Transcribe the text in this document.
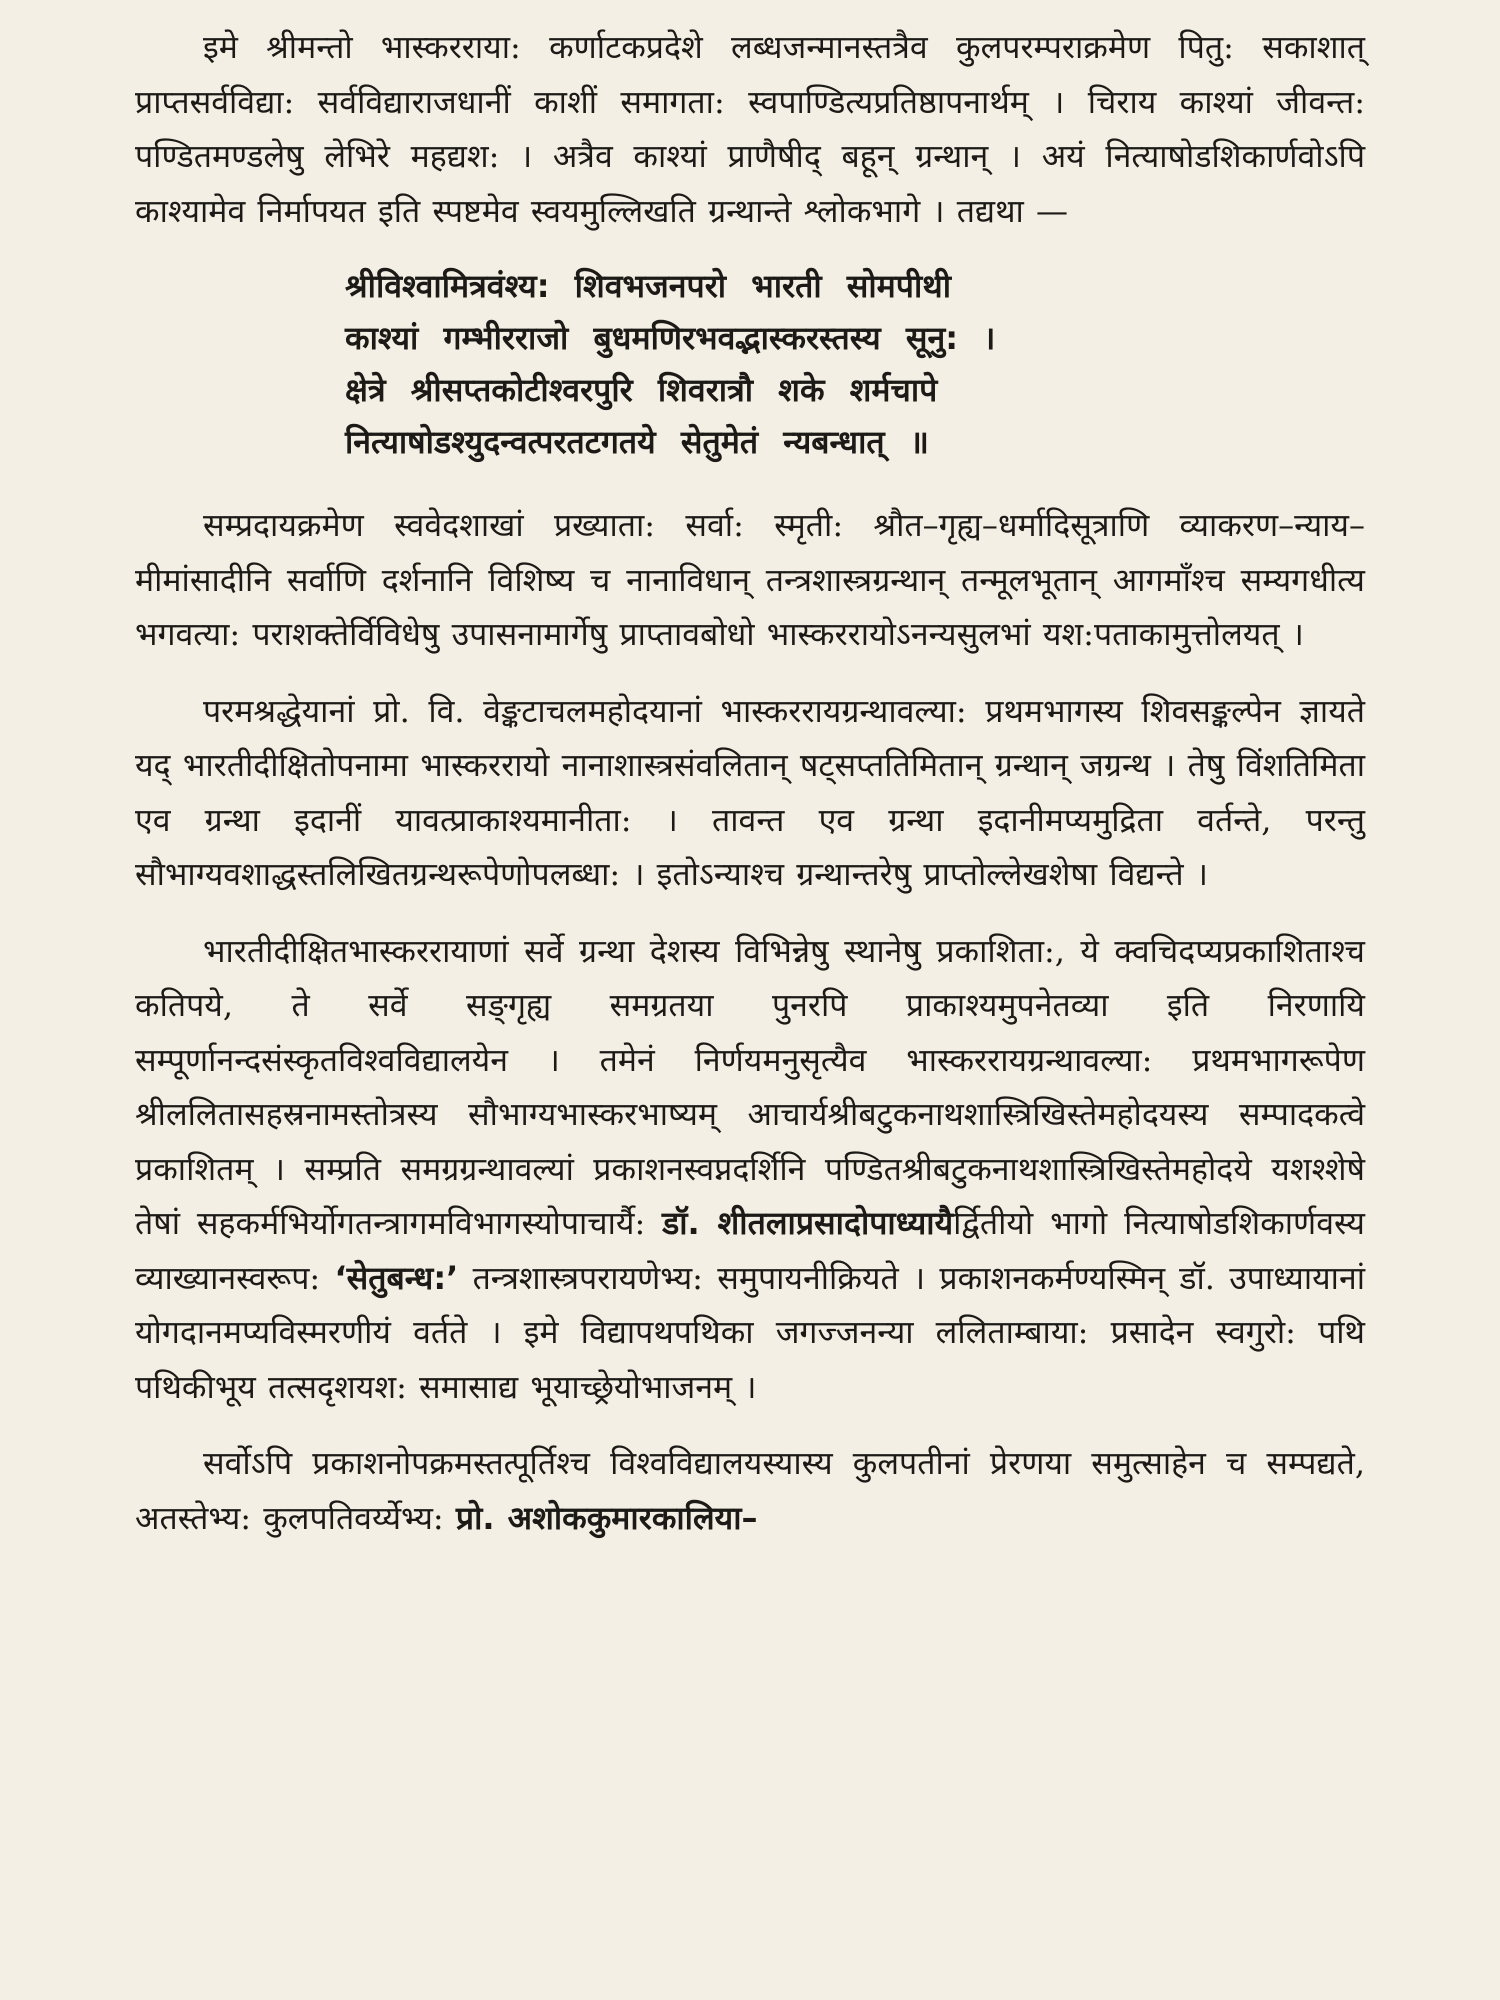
इमे श्रीमन्तो भास्करराया: कर्णाटकप्रदेशे लब्धजन्मानस्तत्रैव कुलपरम्पराक्रमेण पितु: सकाशात् प्राप्तसर्वविद्या: सर्वविद्याराजधानीं काशीं समागता: स्वपाण्डित्यप्रतिष्ठापनार्थम् । चिराय काश्यां जीवन्त: पण्डितमण्डलेषु लेभिरे महद्यश: । अत्रैव काश्यां प्राणैषीद् बहून् ग्रन्थान् । अयं नित्याषोडशिकार्णवोऽपि काश्यामेव निर्मापयत इति स्पष्टमेव स्वयमुल्लिखति ग्रन्थान्ते श्लोकभागे । तद्यथा —

श्रीविश्वामित्रवंश्य: शिवभजनपरो भारती सोमपीथी
काश्यां गम्भीरराजो बुधमणिरभवद्भास्करस्तस्य सूनु: ।
क्षेत्रे श्रीसप्तकोटीश्वरपुरि शिवरात्रौ शके शर्मचापे
नित्याषोडश्युदन्वत्परतटगतये सेतुमेतं न्यबन्धात् ॥

सम्प्रदायक्रमेण स्ववेदशाखां प्रख्याता: सर्वा: स्मृती: श्रौत–गृह्य–धर्मादिसूत्राणि व्याकरण–न्याय–मीमांसादीनि सर्वाणि दर्शनानि विशिष्य च नानाविधान् तन्त्रशास्त्रग्रन्थान् तन्मूलभूतान् आगमाँश्च सम्यगधीत्य भगवत्या: पराशक्तेर्विविधेषु उपासनामार्गेषु प्राप्तावबोधो भास्कररायोऽनन्यसुलभां यश:पताकामुत्तोलयत् ।

परमश्रद्धेयानां प्रो. वि. वेङ्कटाचलमहोदयानां भास्कररायग्रन्थावल्या: प्रथमभागस्य शिवसङ्कल्पेन ज्ञायते यद् भारतीदीक्षितोपनामा भास्कररायो नानाशास्त्रसंवलितान् षट्सप्ततिमितान् ग्रन्थान् जग्रन्थ । तेषु विंशतिमिता एव ग्रन्था इदानीं यावत्प्राकाश्यमानीता: । तावन्त एव ग्रन्था इदानीमप्यमुद्रिता वर्तन्ते, परन्तु सौभाग्यवशाद्धस्तलिखितग्रन्थरूपेणोपलब्धा: । इतोऽन्याश्च ग्रन्थान्तरेषु प्राप्तोल्लेखशेषा विद्यन्ते ।

भारतीदीक्षितभास्कररायाणां सर्वे ग्रन्था देशस्य विभिन्नेषु स्थानेषु प्रकाशिता:, ये क्वचिदप्यप्रकाशिताश्च कतिपये, ते सर्वे सङ्गृह्य समग्रतया पुनरपि प्राकाश्यमुपनेतव्या इति निरणायि सम्पूर्णानन्दसंस्कृतविश्वविद्यालयेन । तमेनं निर्णयमनुसृत्यैव भास्कररायग्रन्थावल्या: प्रथमभागरूपेण श्रीललितासहस्रनामस्तोत्रस्य सौभाग्यभास्करभाष्यम् आचार्यश्रीबटुकनाथशास्त्रिखिस्तेमहोदयस्य सम्पादकत्वे प्रकाशितम् । सम्प्रति समग्रग्रन्थावल्यां प्रकाशनस्वप्नदर्शिनि पण्डितश्रीबटुकनाथशास्त्रिखिस्तेमहोदये यशश्शेषे तेषां सहकर्मभिर्योगतन्त्रागमविभागस्योपाचार्यै: डॉ. शीतलाप्रसादोपाध्यायैर्द्वितीयो भागो नित्याषोडशिकार्णवस्य व्याख्यानस्वरूप: ‘सेतुबन्ध:’ तन्त्रशास्त्रपरायणेभ्य: समुपायनीक्रियते । प्रकाशनकर्मण्यस्मिन् डॉ. उपाध्यायानां योगदानमप्यविस्मरणीयं वर्तते । इमे विद्यापथपथिका जगज्जनन्या ललिताम्बाया: प्रसादेन स्वगुरो: पथि पथिकीभूय तत्सदृशयश: समासाद्य भूयाच्छ्रेयोभाजनम् ।

सर्वोऽपि प्रकाशनोपक्रमस्तत्पूर्तिश्च विश्वविद्यालयस्यास्य कुलपतीनां प्रेरणया समुत्साहेन च सम्पद्यते, अतस्तेभ्य: कुलपतिवर्य्येभ्य: प्रो. अशोककुमारकालिया–
